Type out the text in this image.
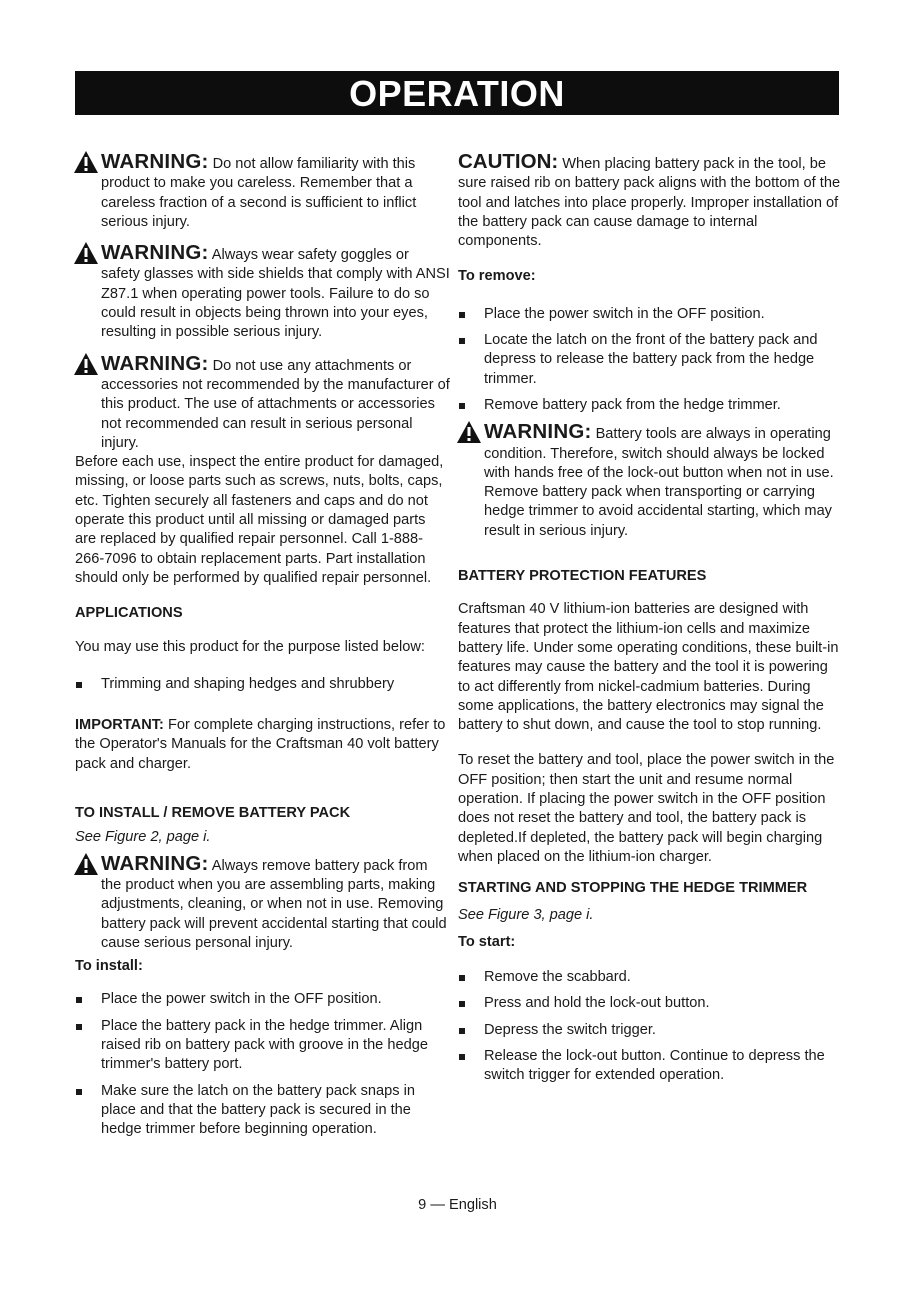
OPERATION

WARNING: Do not allow familiarity with this product to make you careless. Remember that a careless fraction of a second is sufficient to inflict serious injury.

WARNING: Always wear safety goggles or safety glasses with side shields that comply with ANSI Z87.1 when operating power tools. Failure to do so could result in objects being thrown into your eyes, resulting in possible serious injury.

WARNING: Do not use any attachments or accessories not recommended by the manufacturer of this product. The use of attachments or accessories not recommended can result in serious personal injury.

Before each use, inspect the entire product for damaged, missing, or loose parts such as screws, nuts, bolts, caps, etc. Tighten securely all fasteners and caps and do not operate this product until all missing or damaged parts are replaced by qualified repair personnel. Call 1-888-266-7096 to obtain replacement parts. Part installation should only be performed by qualified repair personnel.

APPLICATIONS

You may use this product for the purpose listed below:

Trimming and shaping hedges and shrubbery

IMPORTANT: For complete charging instructions, refer to the Operator's Manuals for the Craftsman 40 volt battery pack and charger.

TO INSTALL / REMOVE BATTERY PACK

See Figure 2, page i.

WARNING: Always remove battery pack from the product when you are assembling parts, making adjustments, cleaning, or when not in use. Removing battery pack will prevent accidental starting that could cause serious personal injury.

To install:

Place the power switch in the OFF position.
Place the battery pack in the hedge trimmer. Align raised rib on battery pack with groove in the hedge trimmer's battery port.
Make sure the latch on the battery pack snaps in place and that the battery pack is secured in the hedge trimmer before beginning operation.

CAUTION: When placing battery pack in the tool, be sure raised rib on battery pack aligns with the bottom of the tool and latches into place properly. Improper installation of the battery pack can cause damage to internal components.

To remove:

Place the power switch in the OFF position.
Locate the latch on the front of the battery pack and depress to release the battery pack from the hedge trimmer.
Remove battery pack from the hedge trimmer.

WARNING: Battery tools are always in operating condition. Therefore, switch should always be locked with hands free of the lock-out button when not in use. Remove battery pack when transporting or carrying hedge trimmer to avoid accidental starting, which may result in serious injury.

BATTERY PROTECTION FEATURES

Craftsman 40 V lithium-ion batteries are designed with features that protect the lithium-ion cells and maximize battery life. Under some operating conditions, these built-in features may cause the battery and the tool it is powering to act differently from nickel-cadmium batteries. During some applications, the battery electronics may signal the battery to shut down, and cause the tool to stop running.

To reset the battery and tool, place the power switch in the OFF position; then start the unit and resume normal operation. If placing the power switch in the OFF position does not reset the battery and tool, the battery pack is depleted.If depleted, the battery pack will begin charging when placed on the lithium-ion charger.

STARTING AND STOPPING THE HEDGE TRIMMER

See Figure 3, page i.

To start:

Remove the scabbard.
Press and hold the lock-out button.
Depress the switch trigger.
Release the lock-out button. Continue to depress the switch trigger for extended operation.
9 — English
